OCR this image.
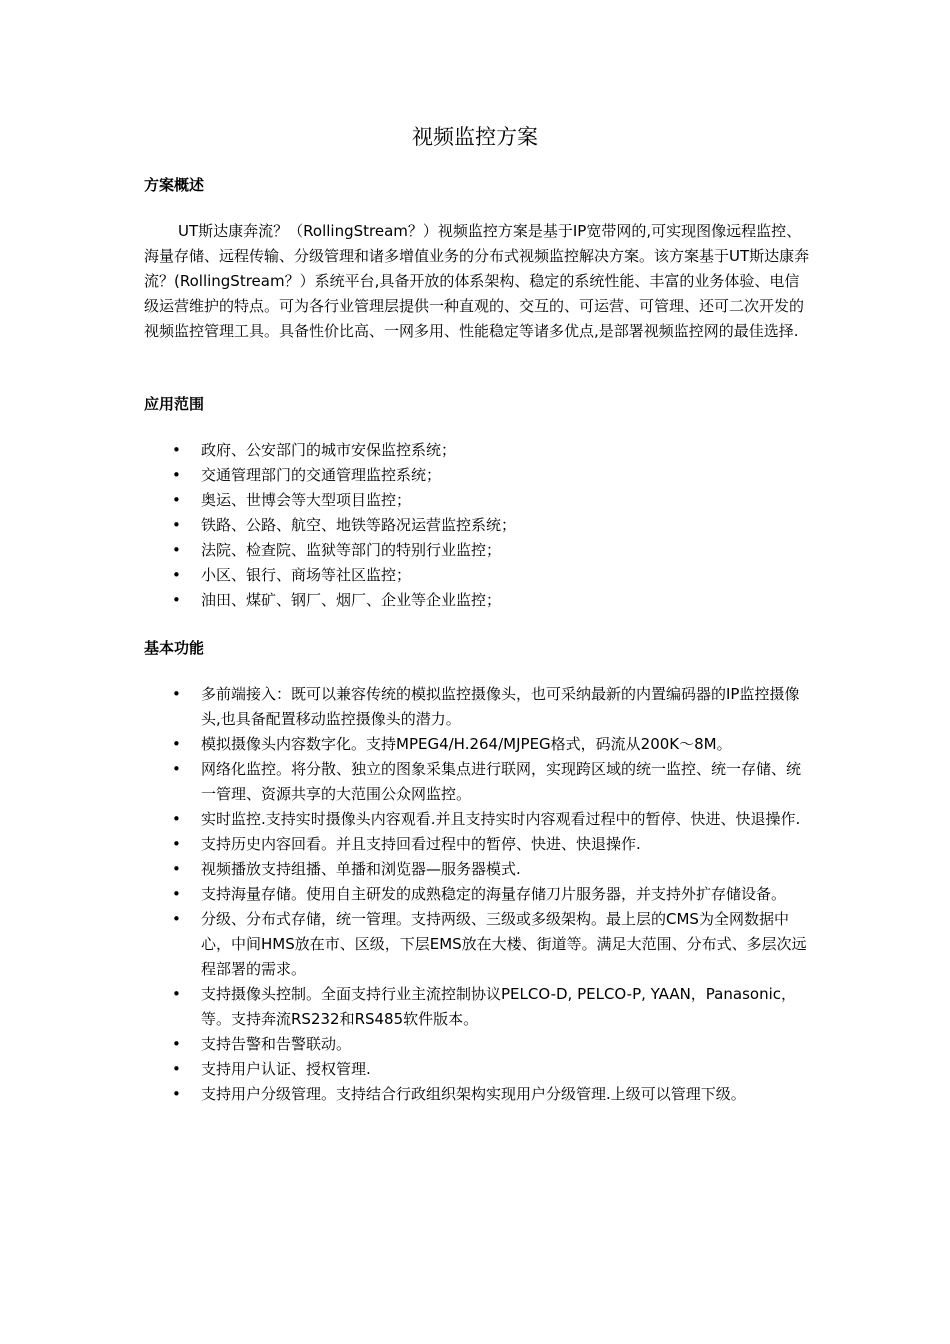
视频监控方案
方案概述

UT斯达康奔流？（RollingStream？）视频监控方案是基于IP宽带网的,可实现图像远程监控、海量存储、远程传输、分级管理和诸多增值业务的分布式视频监控解决方案。该方案基于UT斯达康奔流？(RollingStream？）系统平台,具备开放的体系架构、稳定的系统性能、丰富的业务体验、电信级运营维护的特点。可为各行业管理层提供一种直观的、交互的、可运营、可管理、还可二次开发的视频监控管理工具。具备性价比高、一网多用、性能稳定等诸多优点,是部署视频监控网的最佳选择.

应用范围
• 政府、公安部门的城市安保监控系统；
• 交通管理部门的交通管理监控系统；
• 奥运、世博会等大型项目监控；
• 铁路、公路、航空、地铁等路况运营监控系统；
• 法院、检查院、监狱等部门的特别行业监控；
• 小区、银行、商场等社区监控；
• 油田、煤矿、钢厂、烟厂、企业等企业监控；
基本功能
• 多前端接入：既可以兼容传统的模拟监控摄像头，也可采纳最新的内置编码器的IP监控摄像头,也具备配置移动监控摄像头的潜力。
• 模拟摄像头内容数字化。支持MPEG4/H.264/MJPEG格式，码流从200K～8M。
• 网络化监控。将分散、独立的图象采集点进行联网，实现跨区域的统一监控、统一存储、统一管理、资源共享的大范围公众网监控。
• 实时监控.支持实时摄像头内容观看.并且支持实时内容观看过程中的暂停、快进、快退操作.
• 支持历史内容回看。并且支持回看过程中的暂停、快进、快退操作.
• 视频播放支持组播、单播和浏览器—服务器模式.
• 支持海量存储。使用自主研发的成熟稳定的海量存储刀片服务器，并支持外扩存储设备。
• 分级、分布式存储，统一管理。支持两级、三级或多级架构。最上层的CMS为全网数据中心，中间HMS放在市、区级，下层EMS放在大楼、街道等。满足大范围、分布式、多层次远程部署的需求。
• 支持摄像头控制。全面支持行业主流控制协议PELCO-D, PELCO-P, YAAN，Panasonic， 等。支持奔流RS232和RS485软件版本。
• 支持告警和告警联动。
• 支持用户认证、授权管理.
• 支持用户分级管理。支持结合行政组织架构实现用户分级管理.上级可以管理下级。
